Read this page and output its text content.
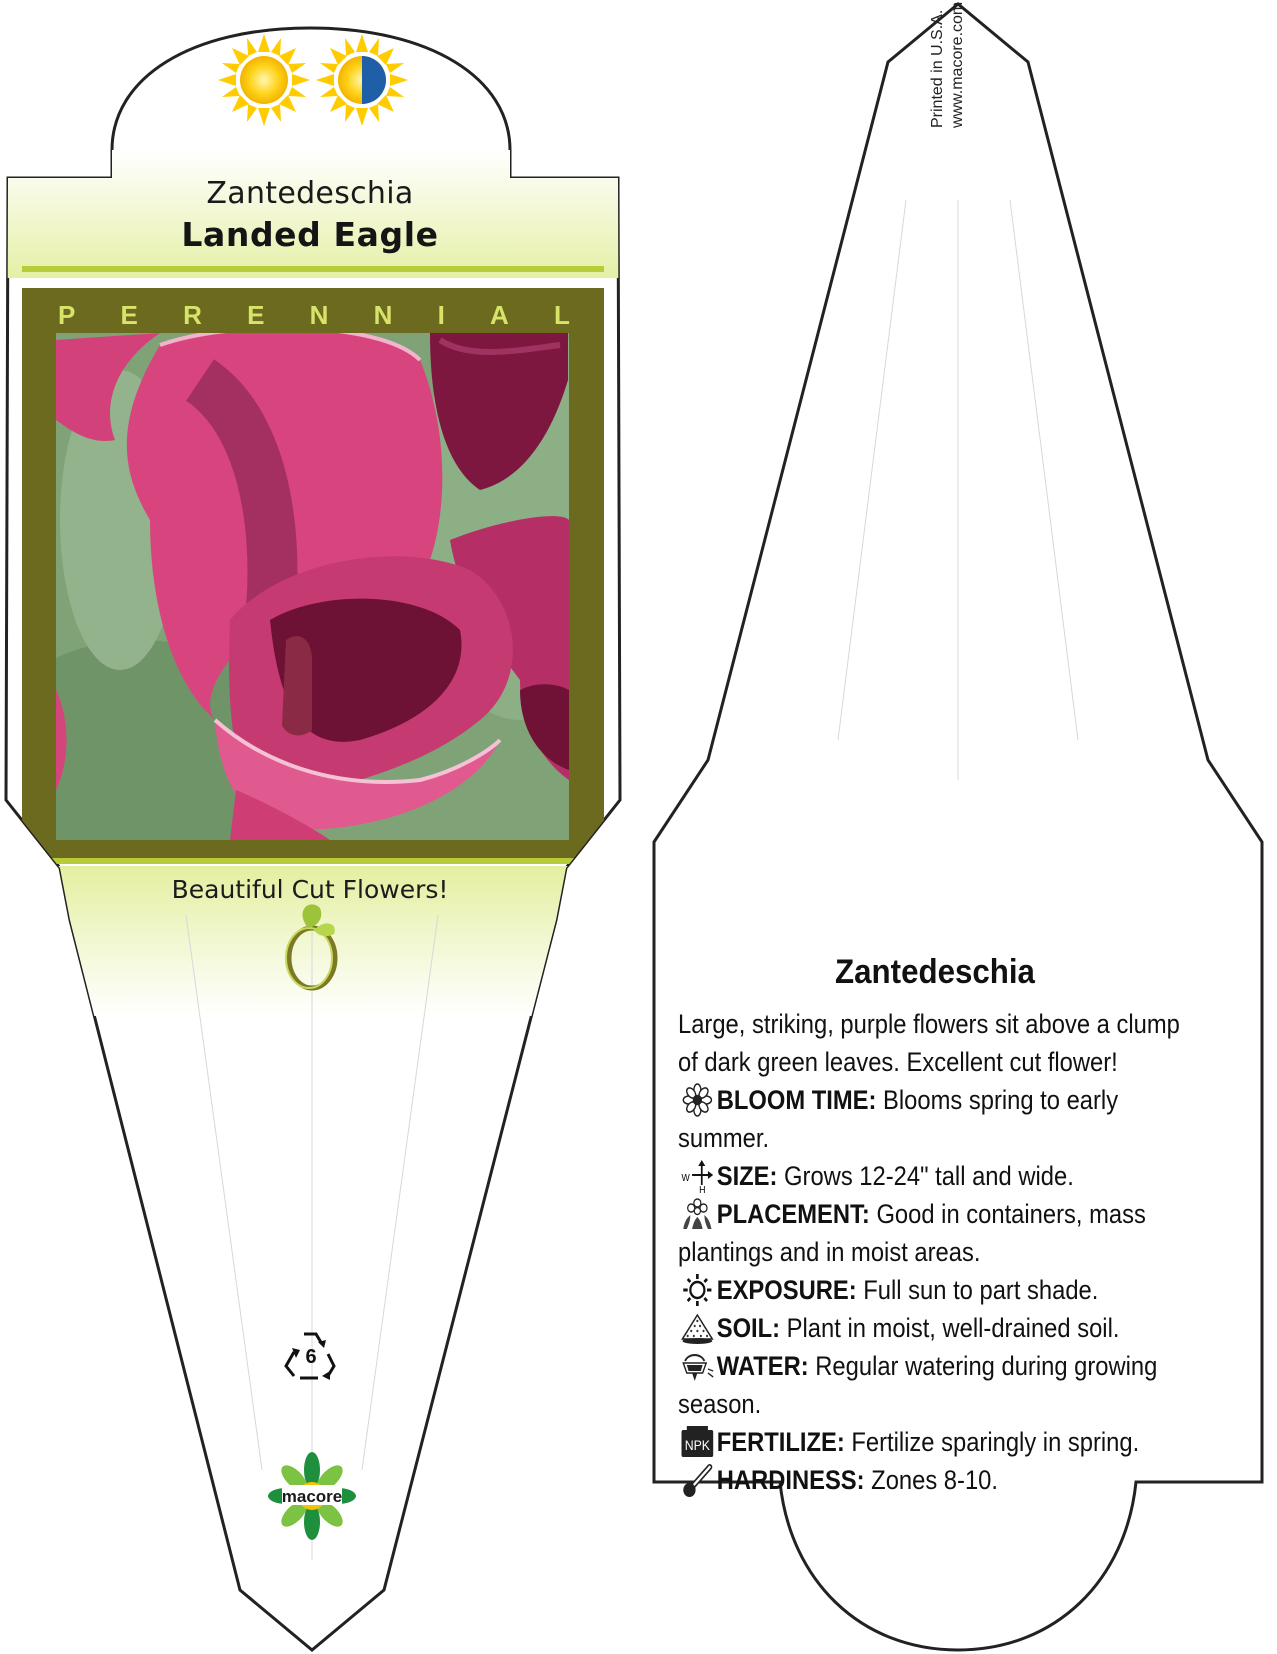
Zantedeschia
Landed Eagle
P E R E N N I A L
Beautiful Cut Flowers!
6
macore
Printed in U.S.A. www.macore.com
Zantedeschia

Large, striking, purple flowers sit above a clump of dark green leaves. Excellent cut flower!

BLOOM TIME: Blooms spring to early summer.

W
H SIZE: Grows 12-24" tall and wide.

PLACEMENT: Good in containers, mass plantings and in moist areas.

EXPOSURE: Full sun to part shade.

SOIL: Plant in moist, well-drained soil.

WATER: Regular watering during growing season.

NPK FERTILIZE: Fertilize sparingly in spring.

HARDINESS: Zones 8-10.
